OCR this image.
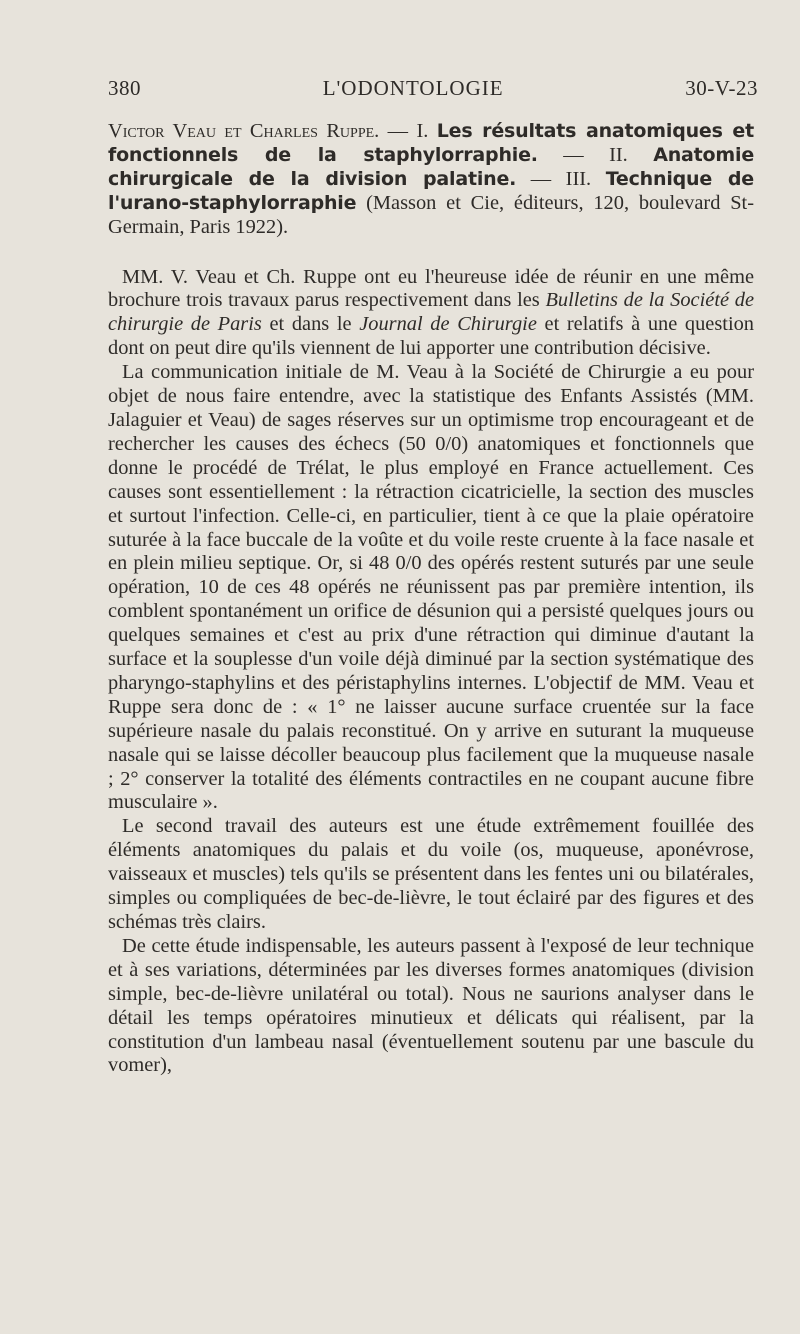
380	L'ODONTOLOGIE	30-V-23

Victor Veau et Charles Ruppe. — I. Les résultats anatomiques et fonctionnels de la staphylorraphie. — II. Anatomie chirurgicale de la division palatine. — III. Technique de l'urano-staphylorraphie (Masson et Cie, éditeurs, 120, boulevard St-Germain, Paris 1922).

MM. V. Veau et Ch. Ruppe ont eu l'heureuse idée de réunir en une même brochure trois travaux parus respectivement dans les Bulletins de la Société de chirurgie de Paris et dans le Journal de Chirurgie et relatifs à une question dont on peut dire qu'ils viennent de lui apporter une contribution décisive.

La communication initiale de M. Veau à la Société de Chirurgie a eu pour objet de nous faire entendre, avec la statistique des Enfants Assistés (MM. Jalaguier et Veau) de sages réserves sur un optimisme trop encourageant et de rechercher les causes des échecs (50 0/0) anatomiques et fonctionnels que donne le procédé de Trélat, le plus employé en France actuellement. Ces causes sont essentiellement : la rétraction cicatricielle, la section des muscles et surtout l'infection. Celle-ci, en particulier, tient à ce que la plaie opératoire suturée à la face buccale de la voûte et du voile reste cruente à la face nasale et en plein milieu septique. Or, si 48 0/0 des opérés restent suturés par une seule opération, 10 de ces 48 opérés ne réunissent pas par première intention, ils comblent spontanément un orifice de désunion qui a persisté quelques jours ou quelques semaines et c'est au prix d'une rétraction qui diminue d'autant la surface et la souplesse d'un voile déjà diminué par la section systématique des pharyngo-staphylins et des péristaphylins internes. L'objectif de MM. Veau et Ruppe sera donc de : « 1° ne laisser aucune surface cruentée sur la face supérieure nasale du palais reconstitué. On y arrive en suturant la muqueuse nasale qui se laisse décoller beaucoup plus facilement que la muqueuse nasale ; 2° conserver la totalité des éléments contractiles en ne coupant aucune fibre musculaire ».

Le second travail des auteurs est une étude extrêmement fouillée des éléments anatomiques du palais et du voile (os, muqueuse, aponévrose, vaisseaux et muscles) tels qu'ils se présentent dans les fentes uni ou bilatérales, simples ou compliquées de bec-de-lièvre, le tout éclairé par des figures et des schémas très clairs.

De cette étude indispensable, les auteurs passent à l'exposé de leur technique et à ses variations, déterminées par les diverses formes anatomiques (division simple, bec-de-lièvre unilatéral ou total). Nous ne saurions analyser dans le détail les temps opératoires minutieux et délicats qui réalisent, par la constitution d'un lambeau nasal (éventuellement soutenu par une bascule du vomer),
